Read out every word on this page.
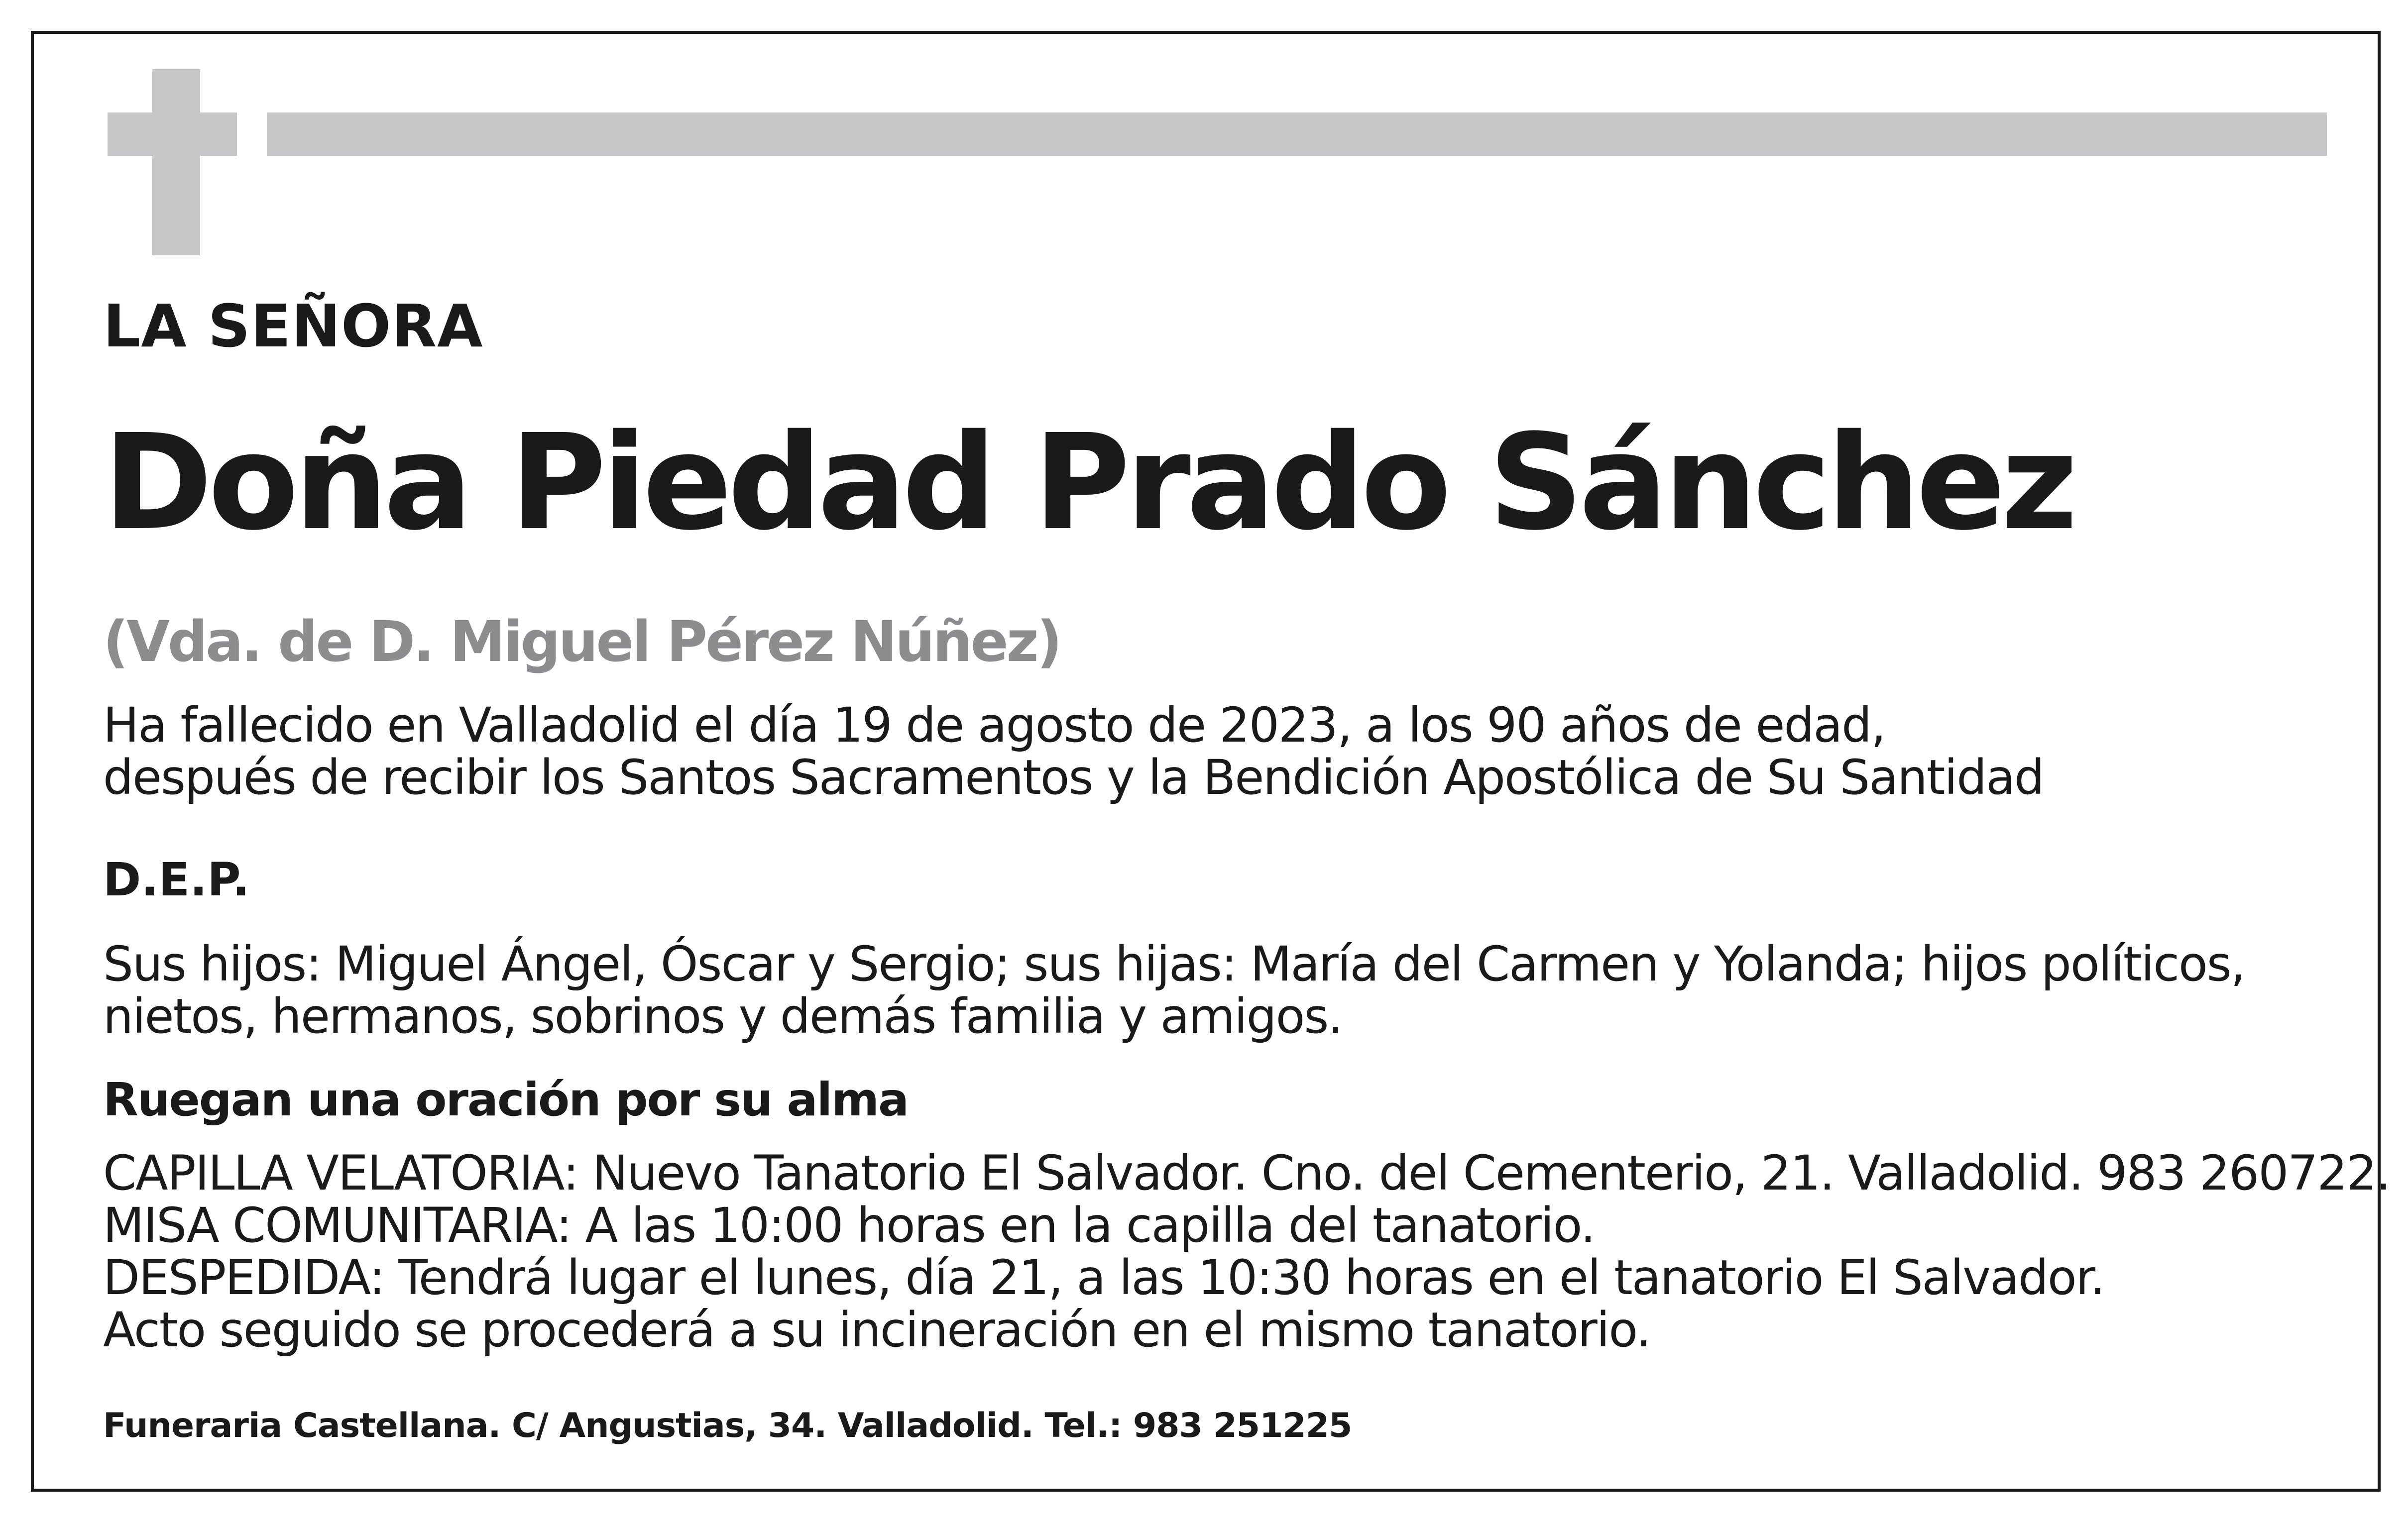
LA SEÑORA

Doña Piedad Prado Sánchez

(Vda. de D. Miguel Pérez Núñez)

Ha fallecido en Valladolid el día 19 de agosto de 2023, a los 90 años de edad,

después de recibir los Santos Sacramentos y la Bendición Apostólica de Su Santidad

D.E.P.

Sus hijos: Miguel Ángel, Óscar y Sergio; sus hijas: María del Carmen y Yolanda; hijos políticos,

nietos, hermanos, sobrinos y demás familia y amigos.

Ruegan una oración por su alma

CAPILLA VELATORIA: Nuevo Tanatorio El Salvador. Cno. del Cementerio, 21. Valladolid. 983 260722.

MISA COMUNITARIA: A las 10:00 horas en la capilla del tanatorio.

DESPEDIDA: Tendrá lugar el lunes, día 21, a las 10:30 horas en el tanatorio El Salvador.

Acto seguido se procederá a su incineración en el mismo tanatorio.

Funeraria Castellana. C/ Angustias, 34. Valladolid. Tel.: 983 251225
